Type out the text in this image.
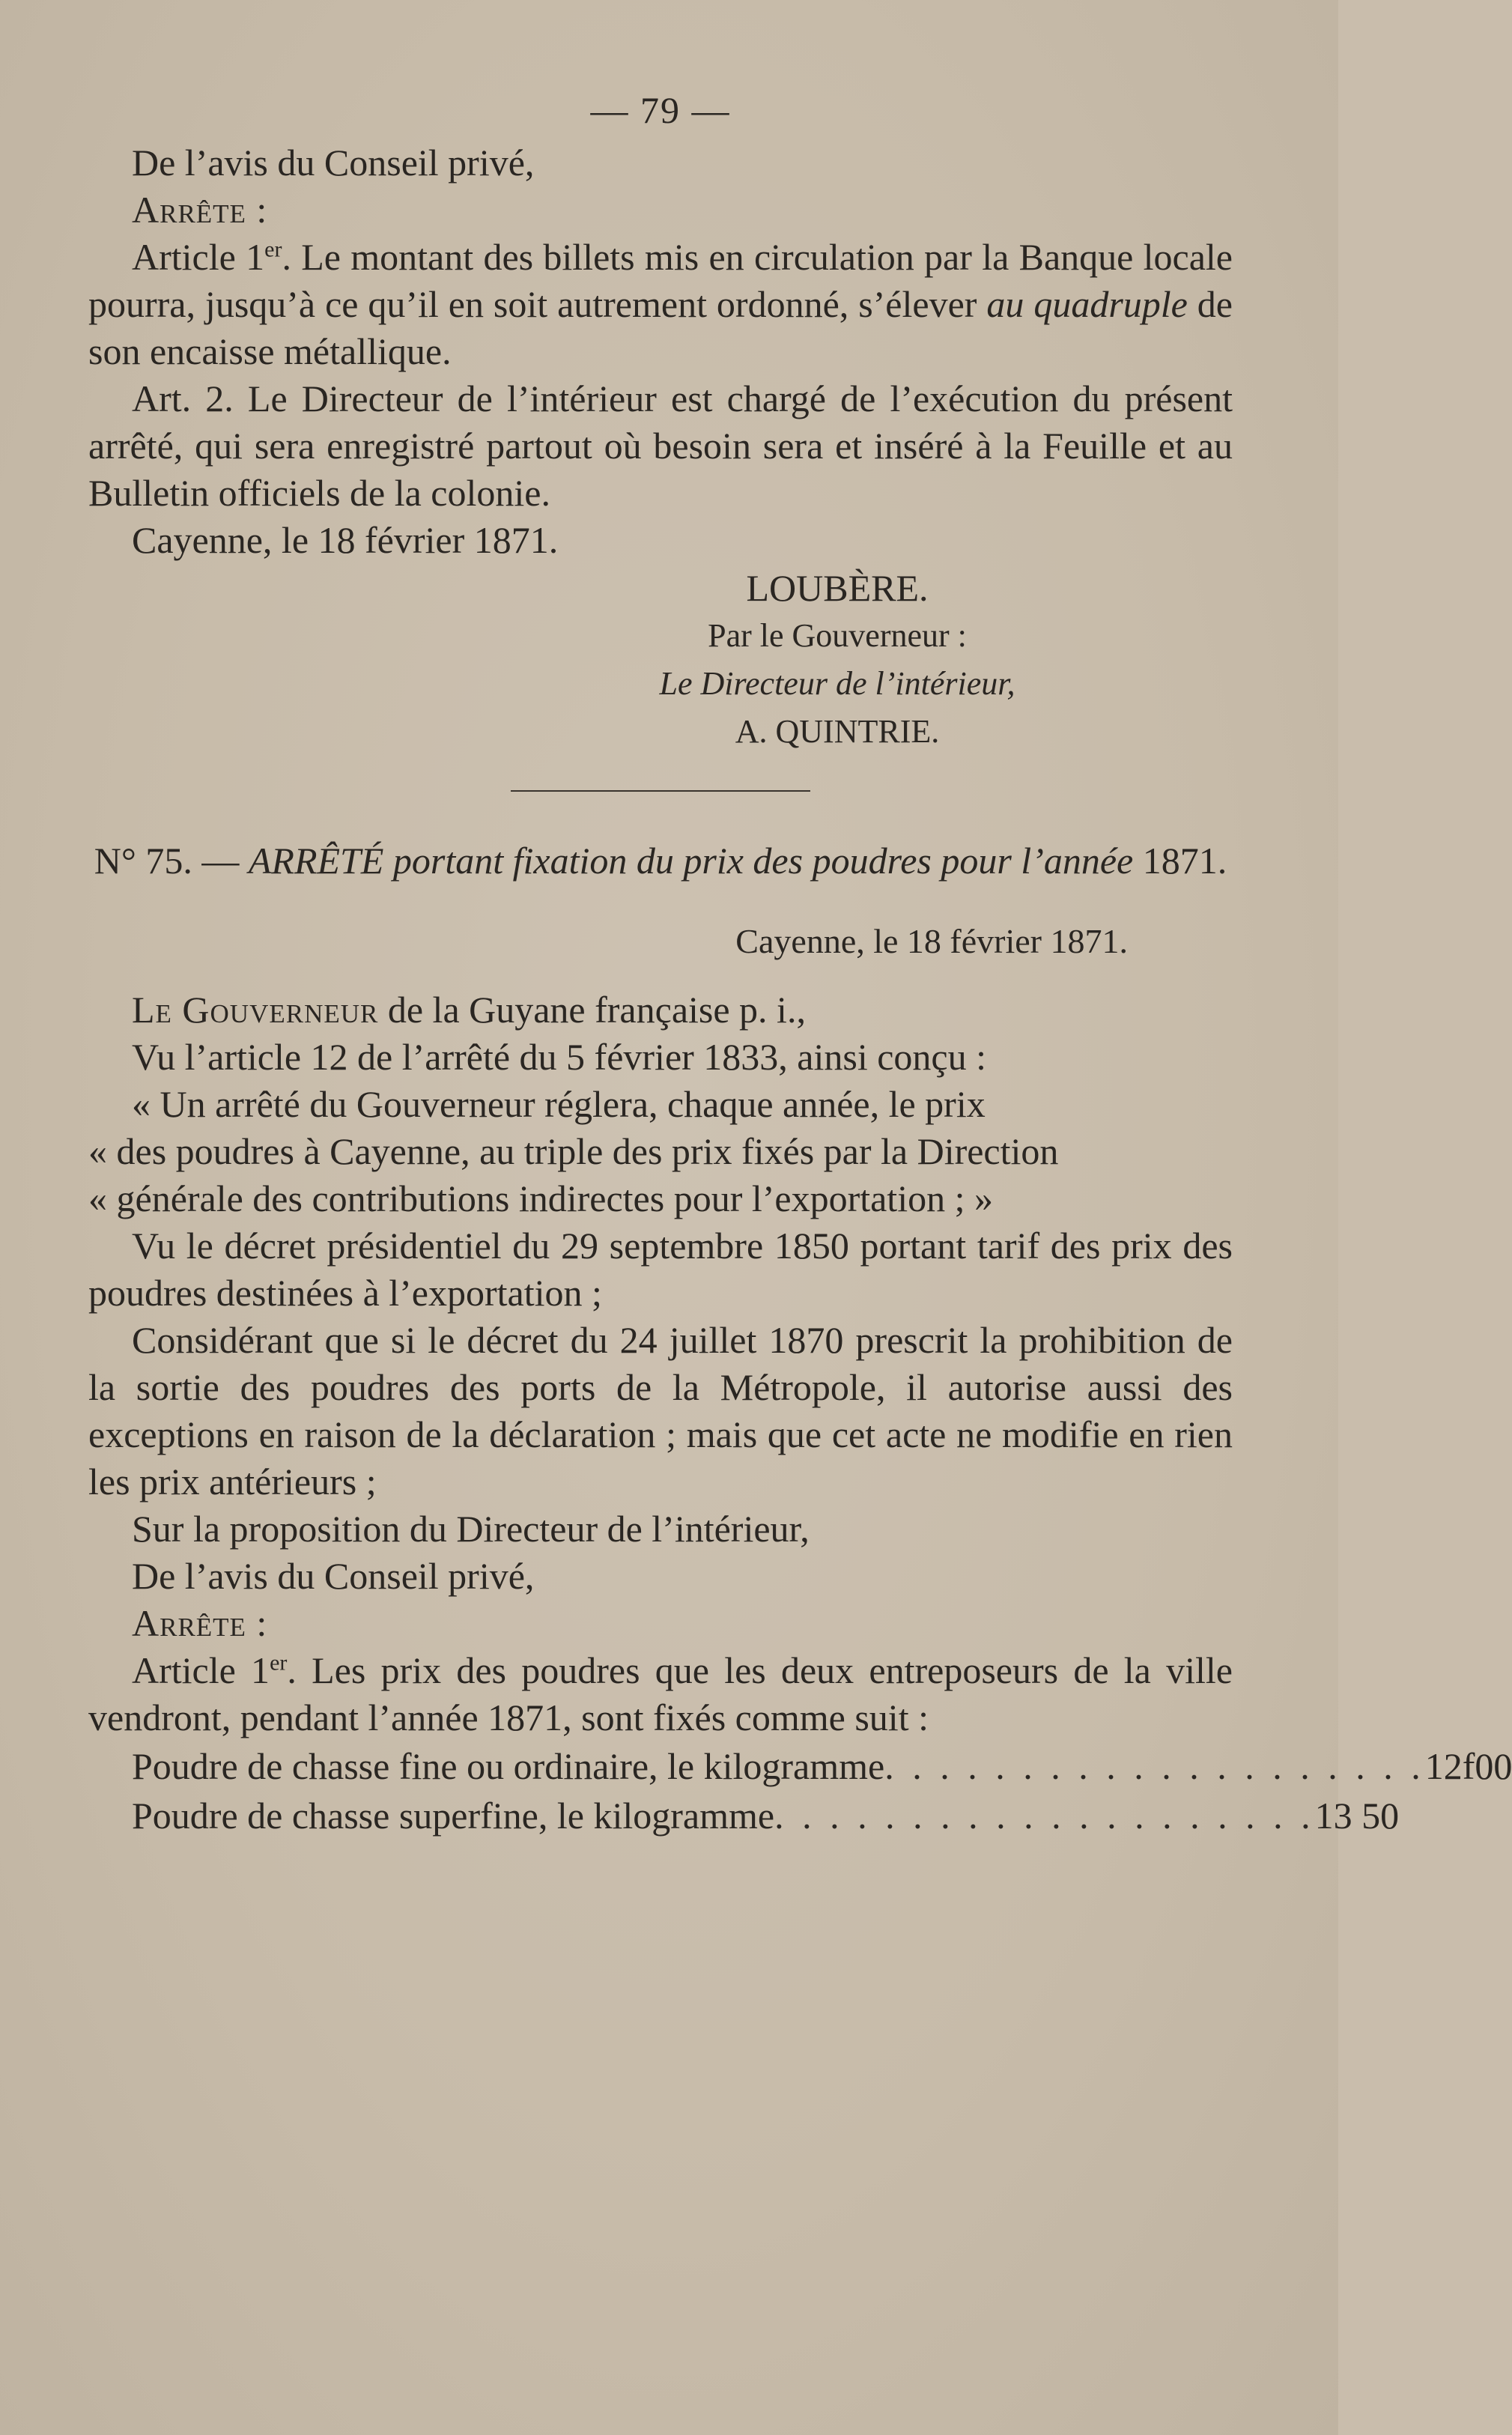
— 79 —

De l’avis du Conseil privé,

Arrête :

Article 1er. Le montant des billets mis en circulation par la Banque locale pourra, jusqu’à ce qu’il en soit autrement ordonné, s’élever au quadruple de son encaisse métallique.

Art. 2. Le Directeur de l’intérieur est chargé de l’exécution du présent arrêté, qui sera enregistré partout où besoin sera et inséré à la Feuille et au Bulletin officiels de la colonie.

Cayenne, le 18 février 1871.

LOUBÈRE.
Par le Gouverneur :
Le Directeur de l’intérieur,
A. QUINTRIE.

N° 75. — ARRÊTÉ portant fixation du prix des poudres pour l’année 1871.

Cayenne, le 18 février 1871.

Le Gouverneur de la Guyane française p. i.,

Vu l’article 12 de l’arrêté du 5 février 1833, ainsi conçu :

« Un arrêté du Gouverneur réglera, chaque année, le prix

« des poudres à Cayenne, au triple des prix fixés par la Direction

« générale des contributions indirectes pour l’exportation ; »

Vu le décret présidentiel du 29 septembre 1850 portant tarif des prix des poudres destinées à l’exportation ;

Considérant que si le décret du 24 juillet 1870 prescrit la prohibition de la sortie des poudres des ports de la Métropole, il autorise aussi des exceptions en raison de la déclaration ; mais que cet acte ne modifie en rien les prix antérieurs ;

Sur la proposition du Directeur de l’intérieur,

De l’avis du Conseil privé,

Arrête :

Article 1er. Les prix des poudres que les deux entreposeurs de la ville vendront, pendant l’année 1871, sont fixés comme suit :

Poudre de chasse fine ou ordinaire, le kilogramme . . . . . . . . . . . . . . . . . . . . 12f00
Poudre de chasse superfine, le kilogramme . . . . . . . . . . . . . . . . . . . . 13 50
